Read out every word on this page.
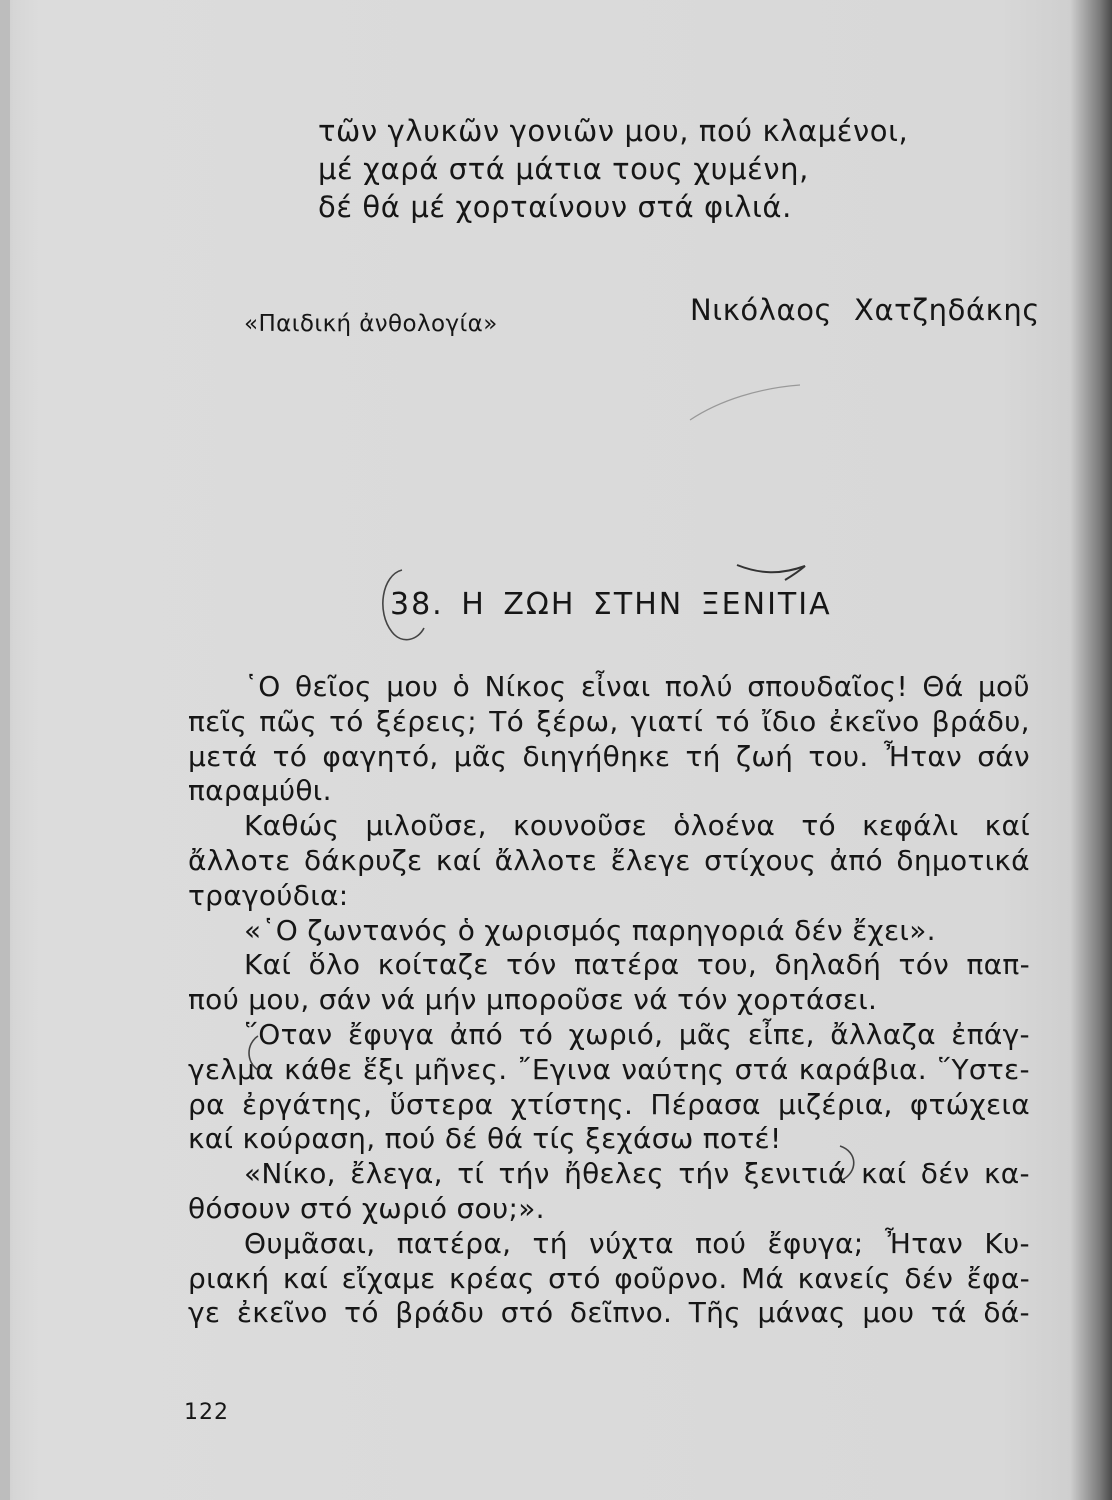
τῶν γλυκῶν γονιῶν μου, πού κλαμένοι,
μέ χαρά στά μάτια τους χυμένη,
δέ θά μέ χορταίνουν στά φιλιά.
«Παιδική ἀνθολογία»	Νικόλαος Χατζηδάκης
38. Η ΖΩΗ ΣΤΗΝ ΞΕΝΙΤΙΑ
῾Ο θεῖος μου ὁ Νίκος εἶναι πολύ σπουδαῖος! Θά μοῦ
πεῖς πῶς τό ξέρεις; Τό ξέρω, γιατί τό ἴδιο ἐκεῖνο βράδυ,
μετά τό φαγητό, μᾶς διηγήθηκε τή ζωή του. Ἦταν σάν
παραμύθι.
Καθώς μιλοῦσε, κουνοῦσε ὁλοένα τό κεφάλι καί
ἄλλοτε δάκρυζε καί ἄλλοτε ἔλεγε στίχους ἀπό δημοτικά
τραγούδια:
«῾Ο ζωντανός ὁ χωρισμός παρηγοριά δέν ἔχει».
Καί ὅλο κοίταζε τόν πατέρα του, δηλαδή τόν παπ-
πού μου, σάν νά μήν μποροῦσε νά τόν χορτάσει.
῞Οταν ἔφυγα ἀπό τό χωριό, μᾶς εἶπε, ἄλλαζα ἐπάγ-
γελμα κάθε ἕξι μῆνες. ῎Εγινα ναύτης στά καράβια. ῞Υστε-
ρα ἐργάτης, ὕστερα χτίστης. Πέρασα μιζέρια, φτώχεια
καί κούραση, πού δέ θά τίς ξεχάσω ποτέ!
«Νίκο, ἔλεγα, τί τήν ἤθελες τήν ξενιτιά καί δέν κα-
θόσουν στό χωριό σου;».
Θυμᾶσαι, πατέρα, τή νύχτα πού ἔφυγα; Ἦταν Κυ-
ριακή καί εἴχαμε κρέας στό φοῦρνο. Μά κανείς δέν ἔφα-
γε ἐκεῖνο τό βράδυ στό δεῖπνο. Τῆς μάνας μου τά δά-
122
